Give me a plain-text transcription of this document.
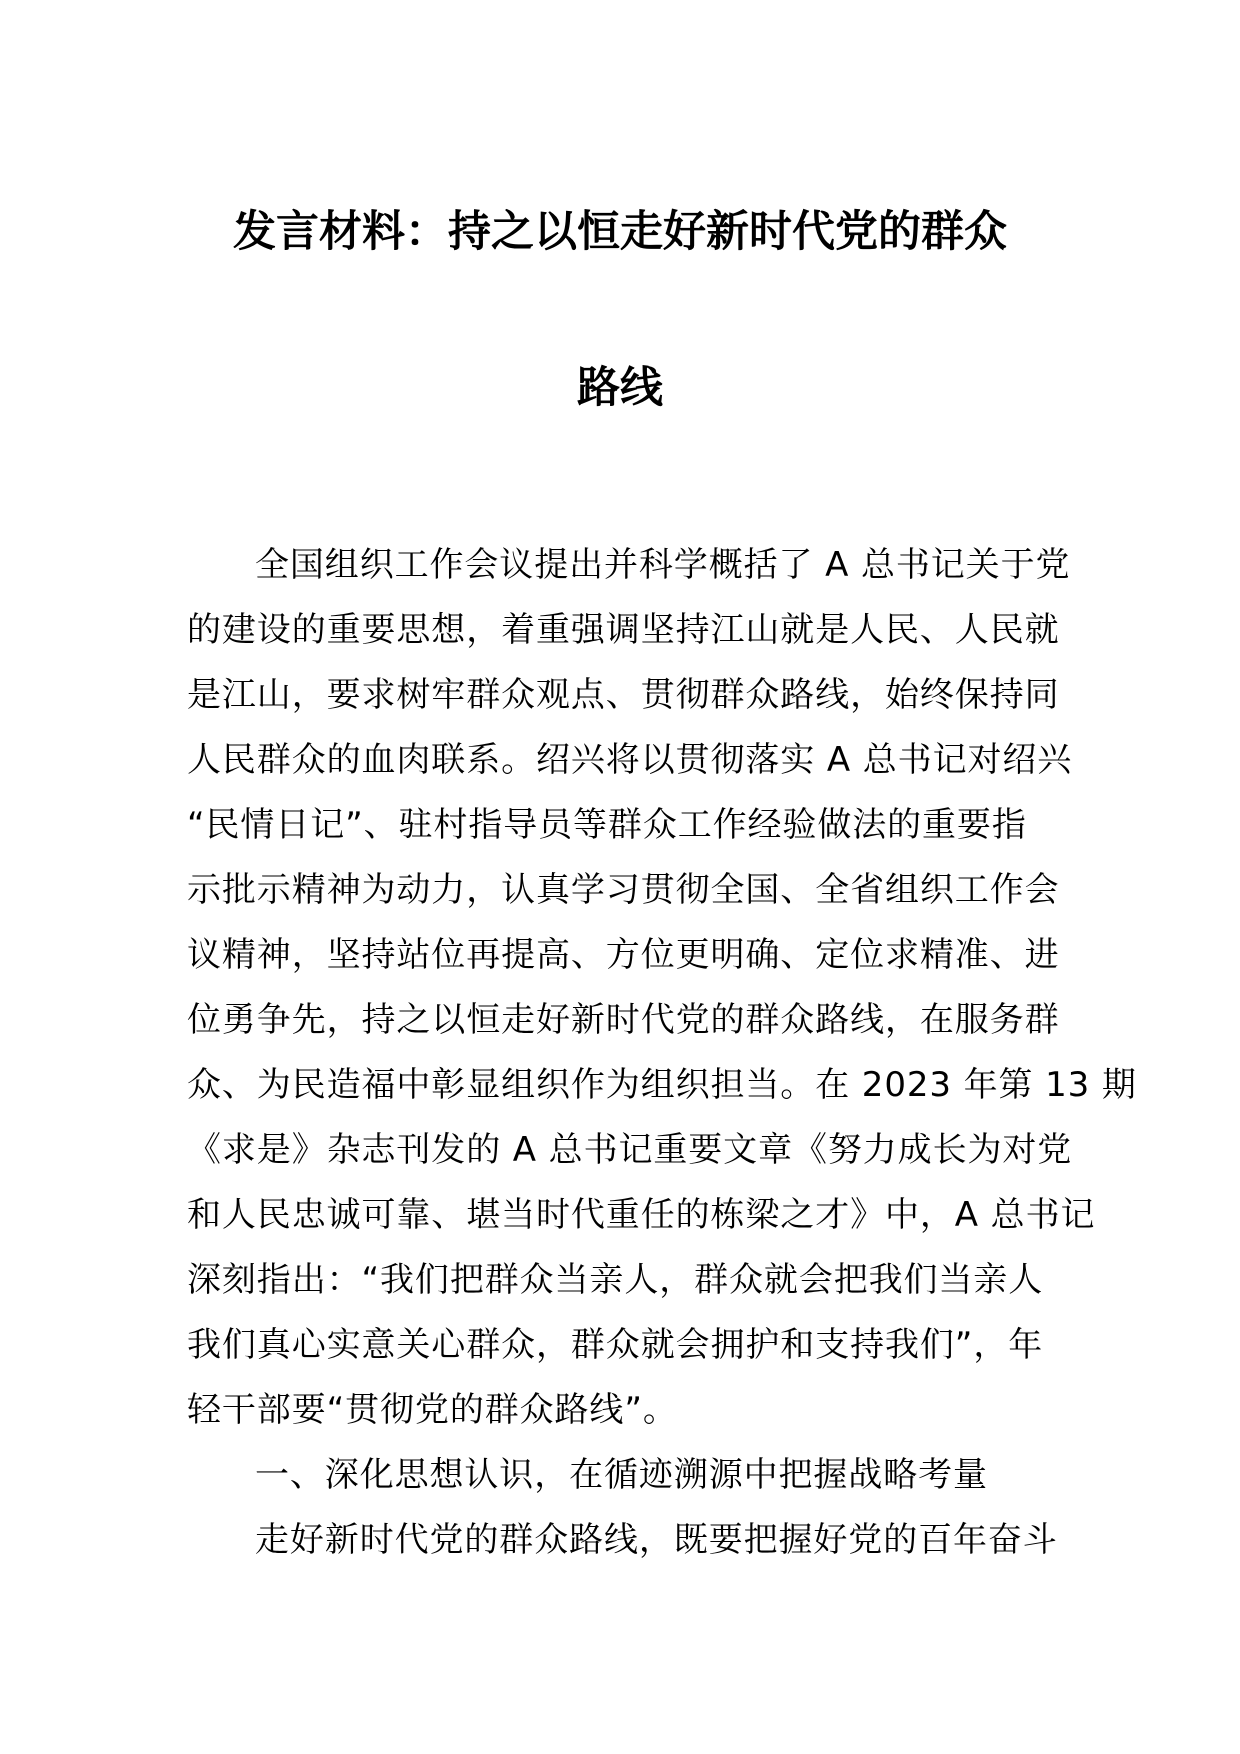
发言材料：持之以恒走好新时代党的群众
路线
全国组织工作会议提出并科学概括了 A 总书记关于党
的建设的重要思想，着重强调坚持江山就是人民、人民就
是江山，要求树牢群众观点、贯彻群众路线，始终保持同
人民群众的血肉联系。绍兴将以贯彻落实 A 总书记对绍兴
“民情日记”、驻村指导员等群众工作经验做法的重要指
示批示精神为动力，认真学习贯彻全国、全省组织工作会
议精神，坚持站位再提高、方位更明确、定位求精准、进
位勇争先，持之以恒走好新时代党的群众路线，在服务群
众、为民造福中彰显组织作为组织担当。在 2023 年第 13 期
《求是》杂志刊发的 A 总书记重要文章《努力成长为对党
和人民忠诚可靠、堪当时代重任的栋梁之才》中，A 总书记
深刻指出：“我们把群众当亲人，群众就会把我们当亲人
我们真心实意关心群众，群众就会拥护和支持我们”，年
轻干部要“贯彻党的群众路线”。
一、深化思想认识，在循迹溯源中把握战略考量
走好新时代党的群众路线，既要把握好党的百年奋斗
